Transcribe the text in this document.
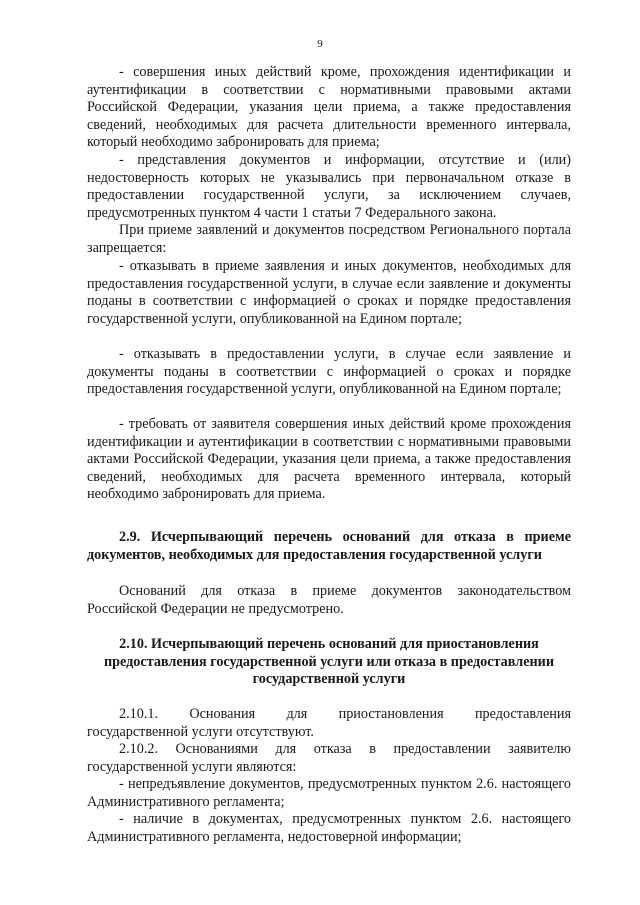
9

- совершения иных действий кроме, прохождения идентификации и аутентификации в соответствии с нормативными правовыми актами Российской Федерации, указания цели приема, а также предоставления сведений, необходимых для расчета длительности временного интервала, который необходимо забронировать для приема;

- представления документов и информации, отсутствие и (или) недостоверность которых не указывались при первоначальном отказе в предоставлении государственной услуги, за исключением случаев, предусмотренных пунктом 4 части 1 статьи 7 Федерального закона.

При приеме заявлений и документов посредством Регионального портала запрещается:

- отказывать в приеме заявления и иных документов, необходимых для предоставления государственной услуги, в случае если заявление и документы поданы в соответствии с информацией о сроках и порядке предоставления государственной услуги, опубликованной на Едином портале;

- отказывать в предоставлении услуги, в случае если заявление и документы поданы в соответствии с информацией о сроках и порядке предоставления государственной услуги, опубликованной на Едином портале;

- требовать от заявителя совершения иных действий кроме прохождения идентификации и аутентификации в соответствии с нормативными правовыми актами Российской Федерации, указания цели приема, а также предоставления сведений, необходимых для расчета временного интервала, который необходимо забронировать для приема.

2.9. Исчерпывающий перечень оснований для отказа в приеме документов, необходимых для предоставления государственной услуги

Оснований для отказа в приеме документов законодательством Российской Федерации не предусмотрено.

2.10. Исчерпывающий перечень оснований для приостановления предоставления государственной услуги или отказа в предоставлении государственной услуги

2.10.1. Основания для приостановления предоставления
государственной услуги отсутствуют.

2.10.2. Основаниями для отказа в предоставлении заявителю государственной услуги являются:

- непредъявление документов, предусмотренных пунктом 2.6. настоящего Административного регламента;

- наличие в документах, предусмотренных пунктом 2.6. настоящего Административного регламента, недостоверной информации;
